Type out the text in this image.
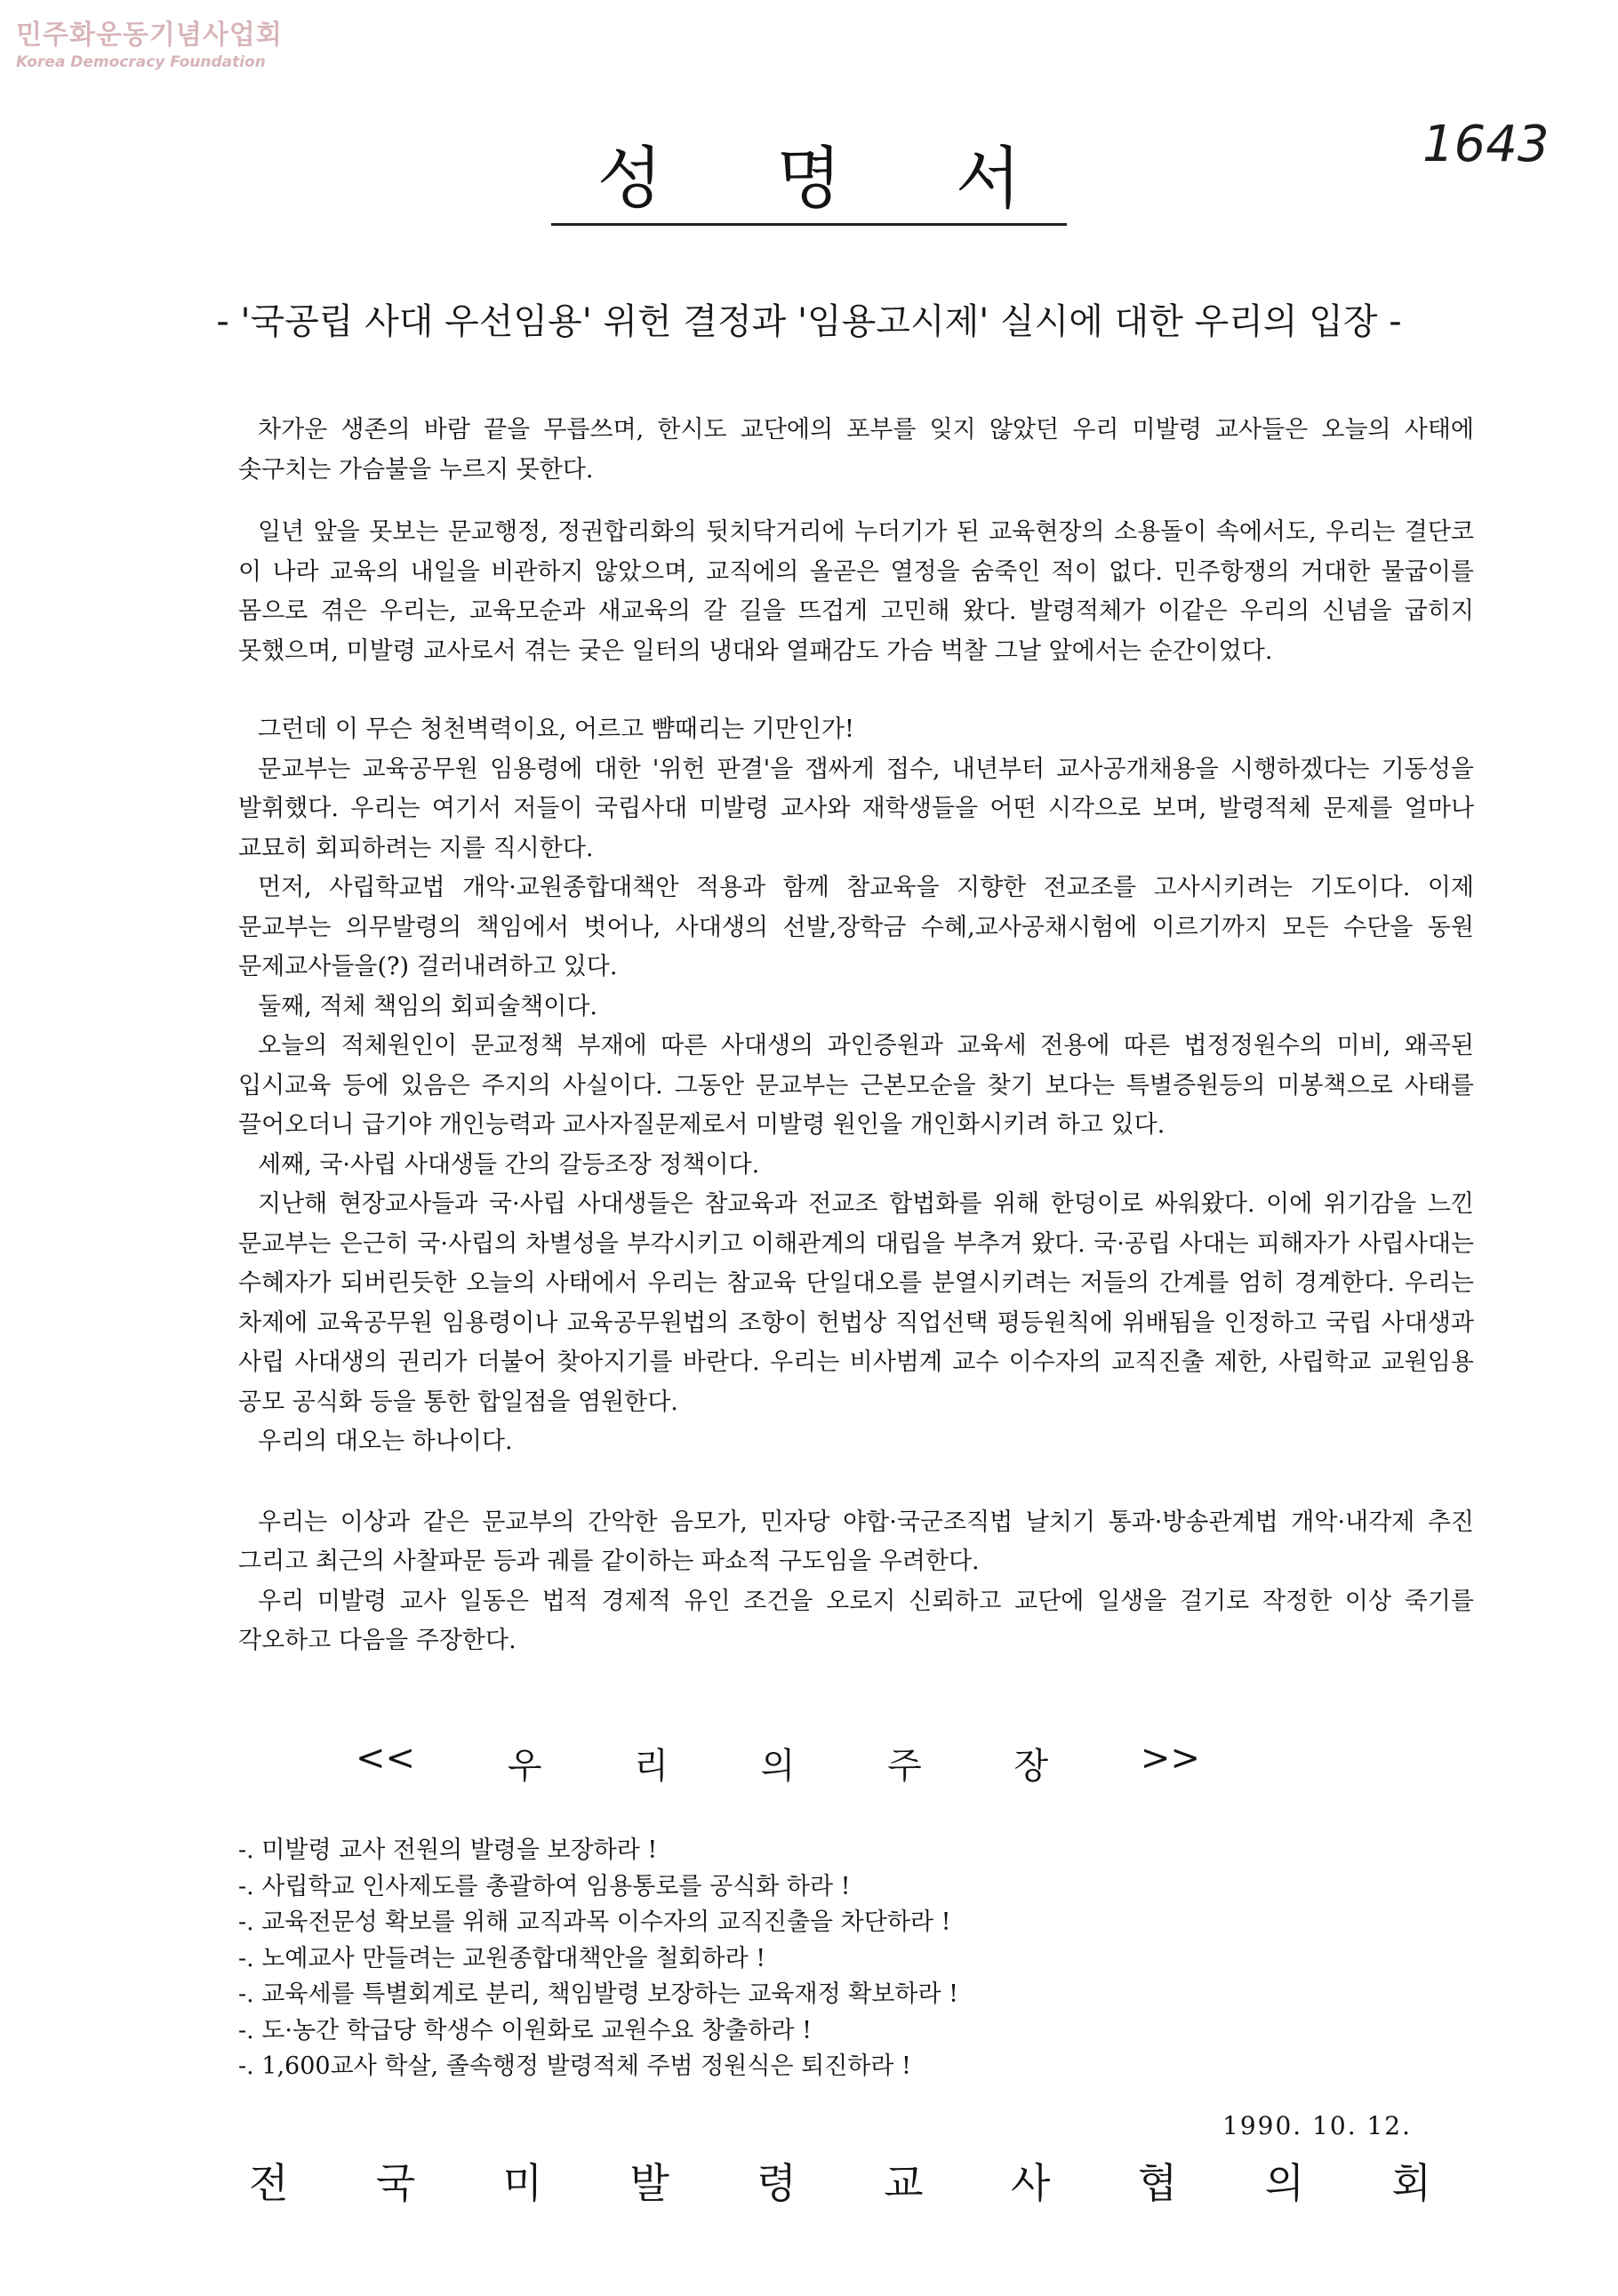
민주화운동기념사업회
Korea Democracy Foundation
1643
성 명 서
- '국공립 사대 우선임용' 위헌 결정과 '임용고시제' 실시에 대한 우리의 입장 -

차가운 생존의 바람 끝을 무릅쓰며, 한시도 교단에의 포부를 잊지 않았던 우리 미발령 교사들은 오늘의 사태에 솟구치는 가슴불을 누르지 못한다.

일년 앞을 못보는 문교행정, 정권합리화의 뒷치닥거리에 누더기가 된 교육현장의 소용돌이 속에서도, 우리는 결단코 이 나라 교육의 내일을 비관하지 않았으며, 교직에의 올곧은 열정을 숨죽인 적이 없다. 민주항쟁의 거대한 물굽이를 몸으로 겪은 우리는, 교육모순과 새교육의 갈 길을 뜨겁게 고민해 왔다. 발령적체가 이같은 우리의 신념을 굽히지 못했으며, 미발령 교사로서 겪는 궂은 일터의 냉대와 열패감도 가슴 벅찰 그날 앞에서는 순간이었다.

그런데 이 무슨 청천벽력이요, 어르고 뺨때리는 기만인가!

문교부는 교육공무원 임용령에 대한 '위헌 판결'을 잽싸게 접수, 내년부터 교사공개채용을 시행하겠다는 기동성을 발휘했다. 우리는 여기서 저들이 국립사대 미발령 교사와 재학생들을 어떤 시각으로 보며, 발령적체 문제를 얼마나 교묘히 회피하려는 지를 직시한다.

먼저, 사립학교법 개악·교원종합대책안 적용과 함께 참교육을 지향한 전교조를 고사시키려는 기도이다. 이제 문교부는 의무발령의 책임에서 벗어나, 사대생의 선발,장학금 수혜,교사공채시험에 이르기까지 모든 수단을 동원 문제교사들을(?) 걸러내려하고 있다.

둘째, 적체 책임의 회피술책이다.

오늘의 적체원인이 문교정책 부재에 따른 사대생의 과인증원과 교육세 전용에 따른 법정정원수의 미비, 왜곡된 입시교육 등에 있음은 주지의 사실이다. 그동안 문교부는 근본모순을 찾기 보다는 특별증원등의 미봉책으로 사태를 끌어오더니 급기야 개인능력과 교사자질문제로서 미발령 원인을 개인화시키려 하고 있다.

세째, 국·사립 사대생들 간의 갈등조장 정책이다.

지난해 현장교사들과 국·사립 사대생들은 참교육과 전교조 합법화를 위해 한덩이로 싸워왔다. 이에 위기감을 느낀 문교부는 은근히 국·사립의 차별성을 부각시키고 이해관계의 대립을 부추겨 왔다. 국·공립 사대는 피해자가 사립사대는 수혜자가 되버린듯한 오늘의 사태에서 우리는 참교육 단일대오를 분열시키려는 저들의 간계를 엄히 경계한다. 우리는 차제에 교육공무원 임용령이나 교육공무원법의 조항이 헌법상 직업선택 평등원칙에 위배됨을 인정하고 국립 사대생과 사립 사대생의 권리가 더불어 찾아지기를 바란다. 우리는 비사범계 교수 이수자의 교직진출 제한, 사립학교 교원임용 공모 공식화 등을 통한 합일점을 염원한다.

우리의 대오는 하나이다.

우리는 이상과 같은 문교부의 간악한 음모가, 민자당 야합·국군조직법 날치기 통과·방송관계법 개악·내각제 추진 그리고 최근의 사찰파문 등과 궤를 같이하는 파쇼적 구도임을 우려한다.

우리 미발령 교사 일동은 법적 경제적 유인 조건을 오로지 신뢰하고 교단에 일생을 걸기로 작정한 이상 죽기를 각오하고 다음을 주장한다.

<<	우	리	의	주	장	>>
-. 미발령 교사 전원의 발령을 보장하라 !
-. 사립학교 인사제도를 총괄하여 임용통로를 공식화 하라 !
-. 교육전문성 확보를 위해 교직과목 이수자의 교직진출을 차단하라 !
-. 노예교사 만들려는 교원종합대책안을 철회하라 !
-. 교육세를 특별회계로 분리, 책임발령 보장하는 교육재정 확보하라 !
-. 도·농간 학급당 학생수 이원화로 교원수요 창출하라 !
-. 1,600교사 학살, 졸속행정 발령적체 주범 정원식은 퇴진하라 !
1990. 10. 12.
전 국 미 발 령 교 사 협 의 회
